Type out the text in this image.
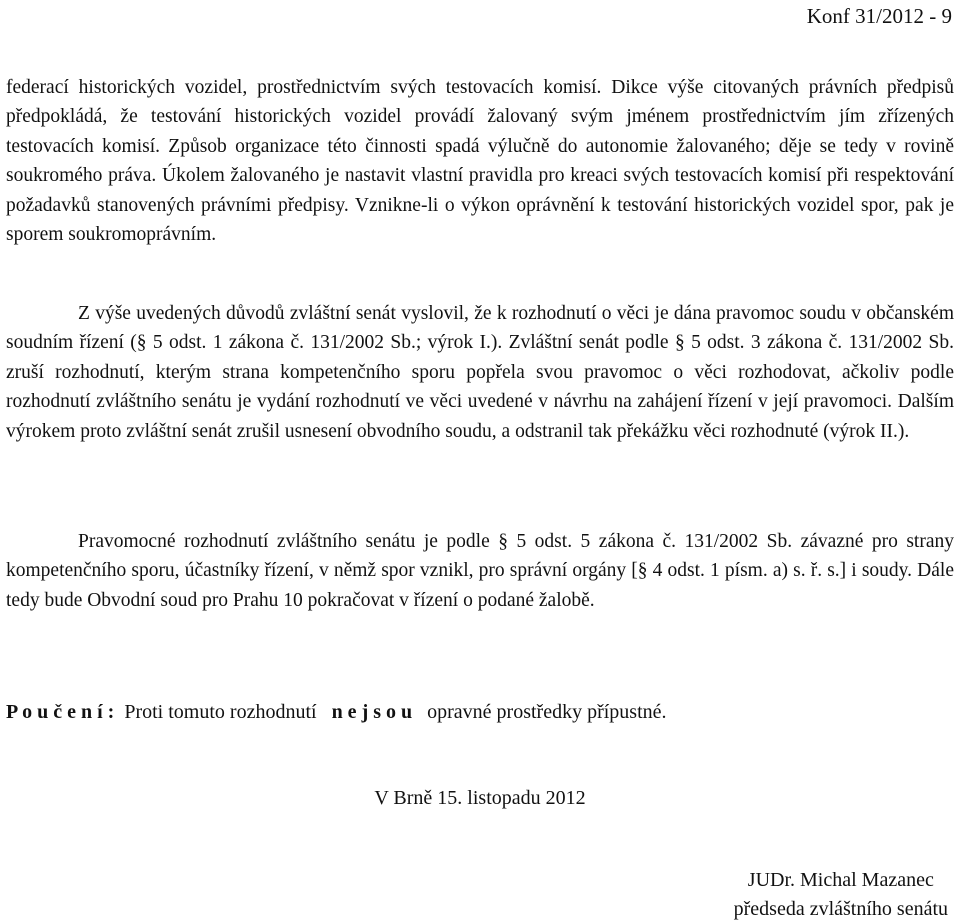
Konf 31/2012 - 9

federací historických vozidel, prostřednictvím svých testovacích komisí. Dikce výše citovaných právních předpisů předpokládá, že testování historických vozidel provádí žalovaný svým jménem prostřednictvím jím zřízených testovacích komisí. Způsob organizace této činnosti spadá výlučně do autonomie žalovaného; děje se tedy v rovině soukromého práva. Úkolem žalovaného je nastavit vlastní pravidla pro kreaci svých testovacích komisí při respektování požadavků stanovených právními předpisy. Vznikne-li o výkon oprávnění k testování historických vozidel spor, pak je sporem soukromoprávním.

Z výše uvedených důvodů zvláštní senát vyslovil, že k rozhodnutí o věci je dána pravomoc soudu v občanském soudním řízení (§ 5 odst. 1 zákona č. 131/2002 Sb.; výrok I.). Zvláštní senát podle § 5 odst. 3 zákona č. 131/2002 Sb. zruší rozhodnutí, kterým strana kompetenčního sporu popřela svou pravomoc o věci rozhodovat, ačkoliv podle rozhodnutí zvláštního senátu je vydání rozhodnutí ve věci uvedené v návrhu na zahájení řízení v její pravomoci. Dalším výrokem proto zvláštní senát zrušil usnesení obvodního soudu, a odstranil tak překážku věci rozhodnuté (výrok II.).

Pravomocné rozhodnutí zvláštního senátu je podle § 5 odst. 5 zákona č. 131/2002 Sb. závazné pro strany kompetenčního sporu, účastníky řízení, v němž spor vznikl, pro správní orgány [§ 4 odst. 1 písm. a) s. ř. s.] i soudy. Dále tedy bude Obvodní soud pro Prahu 10 pokračovat v řízení o podané žalobě.

P o u č e n í : Proti tomuto rozhodnutí n e j s o u opravné prostředky přípustné.
V Brně 15. listopadu 2012
JUDr. Michal Mazanec
předseda zvláštního senátu
